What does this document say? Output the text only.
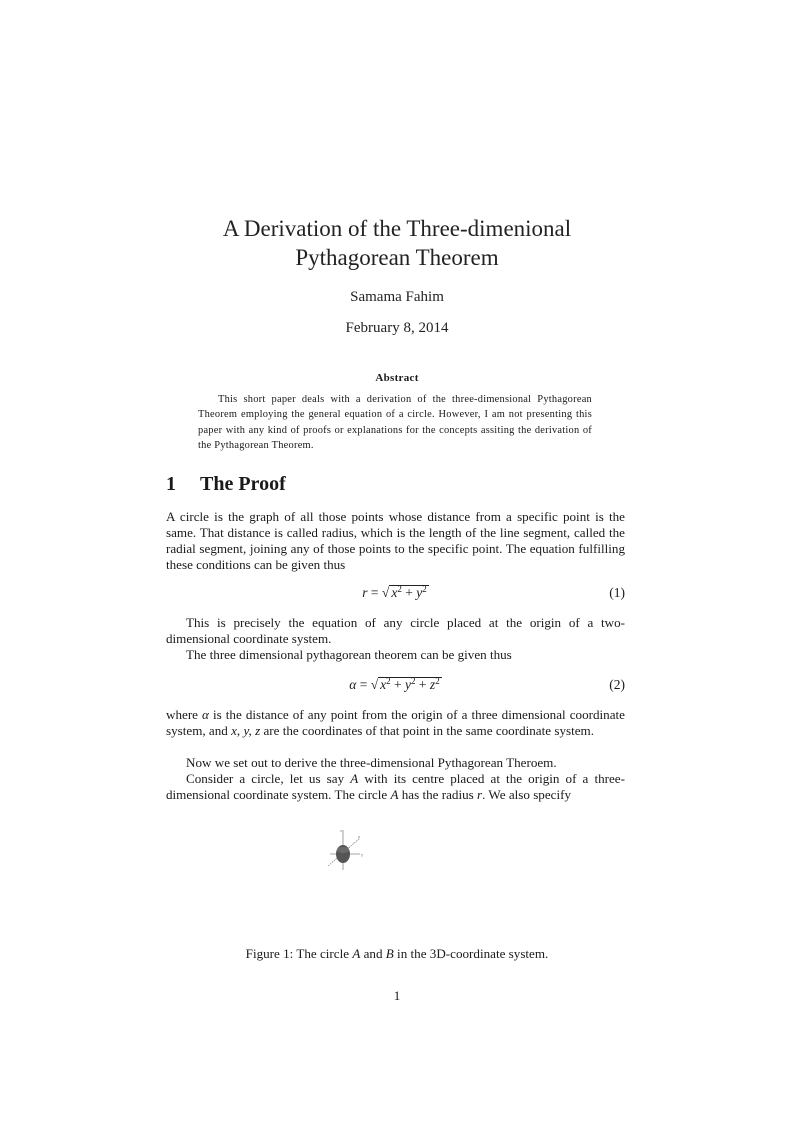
A Derivation of the Three-dimenional
Pythagorean Theorem
Samama Fahim
February 8, 2014
Abstract
This short paper deals with a derivation of the three-dimensional Pythagorean Theorem employing the general equation of a circle. However, I am not presenting this paper with any kind of proofs or explanations for the concepts assiting the derivation of the Pythagorean Theorem.
1 The Proof
A circle is the graph of all those points whose distance from a specific point is the same. That distance is called radius, which is the length of the line segment, called the radial segment, joining any of those points to the specific point. The equation fulfilling these conditions can be given thus
r = √ $x^2 + y^2$	(1)
This is precisely the equation of any circle placed at the origin of a two-dimensional coordinate system.
The three dimensional pythagorean theorem can be given thus
α = √ $x^2 + y^2 + z^2$	(2)
where α is the distance of any point from the origin of a three dimensional coordinate system, and x, y, z are the coordinates of that point in the same coordinate system.
Now we set out to derive the three-dimensional Pythagorean Theroem.
Consider a circle, let us say A with its centre placed at the origin of a three-dimensional coordinate system. The circle A has the radius r. We also specify
z
y
x
Figure 1: The circle A and B in the 3D-coordinate system.
1
